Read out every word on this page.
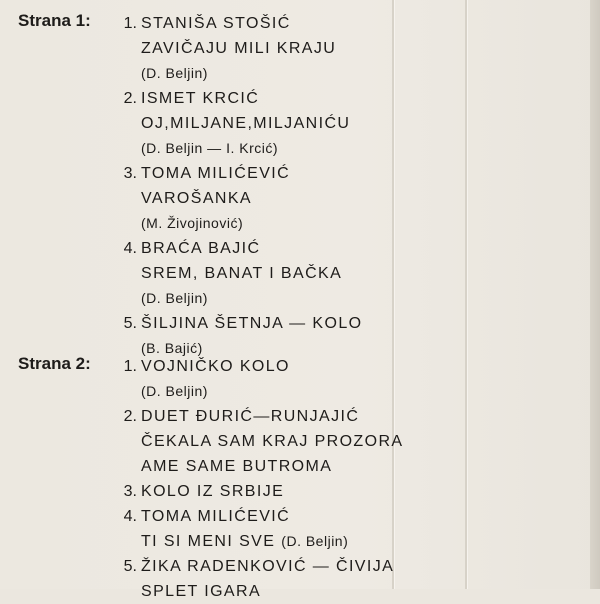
Strana 1:	1. STANIŠA STOŠIĆ
ZAVIČAJU MILI KRAJU
(D. Beljin)
2. ISMET KRCIĆ
OJ,MILJANE,MILJANIĆU
(D. Beljin — I. Krcić)
3. TOMA MILIĆEVIĆ
VAROŠANKA
(M. Živojinović)
4. BRAĆA BAJIĆ
SREM, BANAT I BAČKA
(D. Beljin)
5. ŠILJINA ŠETNJA — KOLO
(B. Bajić)
Strana 2:	1. VOJNIČKO KOLO
(D. Beljin)
2. DUET ĐURIĆ—RUNJAJIĆ
ČEKALA SAM KRAJ PROZORA
AME SAME BUTROMA
3. KOLO IZ SRBIJE
4. TOMA MILIĆEVIĆ
TI SI MENI SVE (D. Beljin)
5. ŽIKA RADENKOVIĆ — ČIVIJA
SPLET IGARA
